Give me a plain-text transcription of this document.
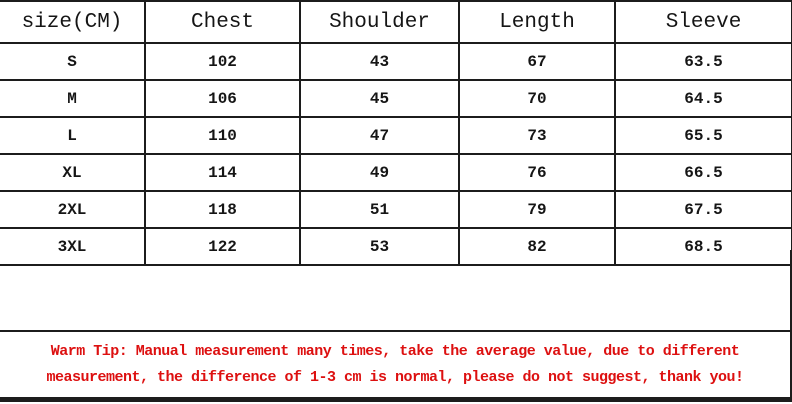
size(CM)	Chest	Shoulder	Length	Sleeve
S	102	43	67	63.5
M	106	45	70	64.5
L	110	47	73	65.5
XL	114	49	76	66.5
2XL	118	51	79	67.5
3XL	122	53	82	68.5
Warm Tip: Manual measurement many times, take the average value, due to different
measurement, the difference of 1-3 cm is normal, please do not suggest, thank you!
